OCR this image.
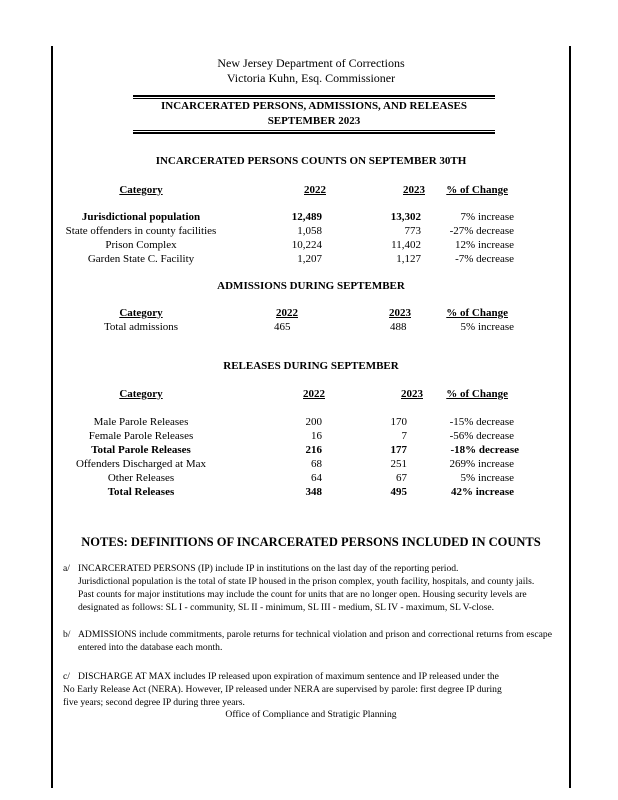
New Jersey Department of Corrections
Victoria Kuhn, Esq. Commissioner
INCARCERATED PERSONS, ADMISSIONS, AND RELEASES
SEPTEMBER 2023
INCARCERATED PERSONS COUNTS ON SEPTEMBER 30TH
Category	2022	2023	% of Change
Jurisdictional population	12,489	13,302	7% increase
State offenders in county facilities	1,058	773	-27% decrease
Prison Complex	10,224	11,402	12% increase
Garden State C. Facility	1,207	1,127	-7% decrease
ADMISSIONS DURING SEPTEMBER
Category	2022	2023	% of Change
Total admissions	465	488	5% increase
RELEASES DURING SEPTEMBER
Category	2022	2023	% of Change
Male Parole Releases	200	170	-15% decrease
Female Parole Releases	16	7	-56% decrease
Total Parole Releases	216	177	-18% decrease
Offenders Discharged at Max	68	251	269% increase
Other Releases	64	67	5% increase
Total Releases	348	495	42% increase
NOTES: DEFINITIONS OF INCARCERATED PERSONS INCLUDED IN COUNTS
a/ INCARCERATED PERSONS (IP) include IP in institutions on the last day of the reporting period.
Jurisdictional population is the total of state IP housed in the prison complex, youth facility, hospitals, and county jails.
Past counts for major institutions may include the count for units that are no longer open. Housing security levels are
designated as follows: SL I - community, SL II - minimum, SL III - medium, SL IV - maximum, SL V-close.
b/ ADMISSIONS include commitments, parole returns for technical violation and prison and correctional returns from escape
entered into the database each month.
c/ DISCHARGE AT MAX includes IP released upon expiration of maximum sentence and IP released under the
No Early Release Act (NERA). However, IP released under NERA are supervised by parole: first degree IP during
five years; second degree IP during three years.
Office of Compliance and Stratigic Planning
